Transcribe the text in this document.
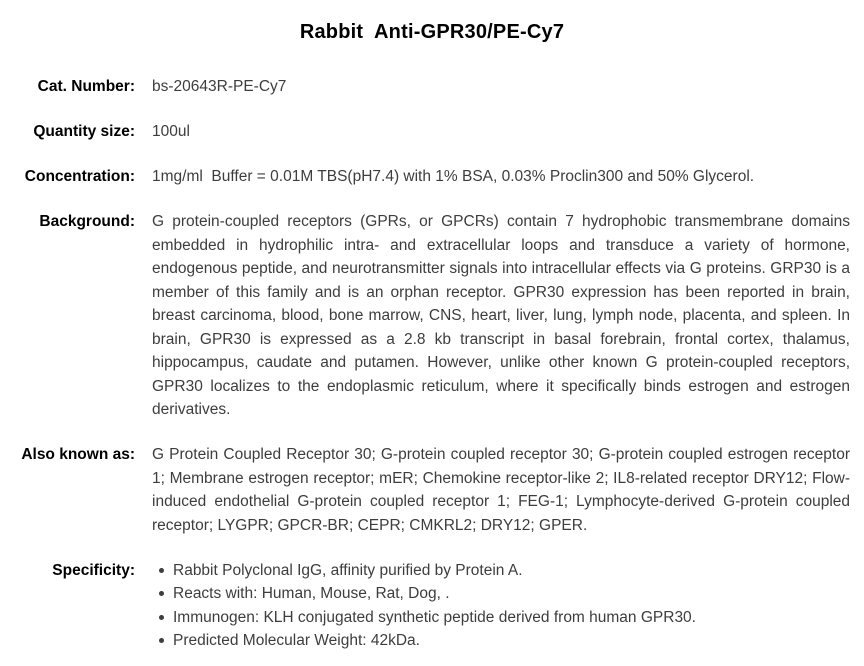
Rabbit  Anti-GPR30/PE-Cy7
Cat. Number: bs-20643R-PE-Cy7
Quantity size: 100ul
Concentration: 1mg/ml  Buffer = 0.01M TBS(pH7.4) with 1% BSA, 0.03% Proclin300 and 50% Glycerol.
Background: G protein-coupled receptors (GPRs, or GPCRs) contain 7 hydrophobic transmembrane domains embedded in hydrophilic intra- and extracellular loops and transduce a variety of hormone, endogenous peptide, and neurotransmitter signals into intracellular effects via G proteins. GRP30 is a member of this family and is an orphan receptor. GPR30 expression has been reported in brain, breast carcinoma, blood, bone marrow, CNS, heart, liver, lung, lymph node, placenta, and spleen. In brain, GPR30 is expressed as a 2.8 kb transcript in basal forebrain, frontal cortex, thalamus, hippocampus, caudate and putamen. However, unlike other known G protein-coupled receptors, GPR30 localizes to the endoplasmic reticulum, where it specifically binds estrogen and estrogen derivatives.
Also known as: G Protein Coupled Receptor 30; G-protein coupled receptor 30; G-protein coupled estrogen receptor 1; Membrane estrogen receptor; mER; Chemokine receptor-like 2; IL8-related receptor DRY12; Flow-induced endothelial G-protein coupled receptor 1; FEG-1; Lymphocyte-derived G-protein coupled receptor; LYGPR; GPCR-BR; CEPR; CMKRL2; DRY12; GPER.
Specificity:	Rabbit Polyclonal IgG, affinity purified by Protein A.
Reacts with: Human, Mouse, Rat, Dog, .
Immunogen: KLH conjugated synthetic peptide derived from human GPR30.
Predicted Molecular Weight: 42kDa.
